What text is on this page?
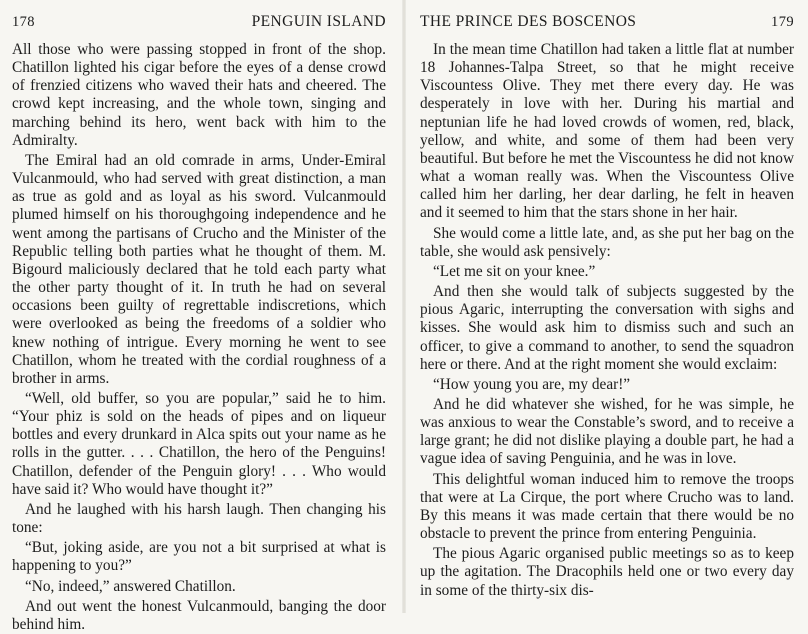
178	PENGUIN ISLAND

All those who were passing stopped in front of the shop. Chatillon lighted his cigar before the eyes of a dense crowd of frenzied citizens who waved their hats and cheered. The crowd kept increasing, and the whole town, singing and marching behind its hero, went back with him to the Admiralty.

The Emiral had an old comrade in arms, Under-Emiral Vulcanmould, who had served with great distinction, a man as true as gold and as loyal as his sword. Vulcanmould plumed himself on his thoroughgoing independence and he went among the partisans of Crucho and the Minister of the Republic telling both parties what he thought of them. M. Bigourd maliciously declared that he told each party what the other party thought of it. In truth he had on several occasions been guilty of regrettable indiscretions, which were overlooked as being the freedoms of a soldier who knew nothing of intrigue. Every morning he went to see Chatillon, whom he treated with the cordial roughness of a brother in arms.

“Well, old buffer, so you are popular,” said he to him. “Your phiz is sold on the heads of pipes and on liqueur bottles and every drunkard in Alca spits out your name as he rolls in the gutter. . . . Chatillon, the hero of the Penguins! Chatillon, defender of the Penguin glory! . . . Who would have said it? Who would have thought it?”

And he laughed with his harsh laugh. Then changing his tone:

“But, joking aside, are you not a bit surprised at what is happening to you?”

“No, indeed,” answered Chatillon.

And out went the honest Vulcanmould, banging the door behind him.

THE PRINCE DES BOSCENOS	179

In the mean time Chatillon had taken a little flat at number 18 Johannes-Talpa Street, so that he might receive Viscountess Olive. They met there every day. He was desperately in love with her. During his martial and neptunian life he had loved crowds of women, red, black, yellow, and white, and some of them had been very beautiful. But before he met the Viscountess he did not know what a woman really was. When the Viscountess Olive called him her darling, her dear darling, he felt in heaven and it seemed to him that the stars shone in her hair.

She would come a little late, and, as she put her bag on the table, she would ask pensively:

“Let me sit on your knee.”

And then she would talk of subjects suggested by the pious Agaric, interrupting the conversation with sighs and kisses. She would ask him to dismiss such and such an officer, to give a command to another, to send the squadron here or there. And at the right moment she would exclaim:

“How young you are, my dear!”

And he did whatever she wished, for he was simple, he was anxious to wear the Constable’s sword, and to receive a large grant; he did not dislike playing a double part, he had a vague idea of saving Penguinia, and he was in love.

This delightful woman induced him to remove the troops that were at La Cirque, the port where Crucho was to land. By this means it was made certain that there would be no obstacle to prevent the prince from entering Penguinia.

The pious Agaric organised public meetings so as to keep up the agitation. The Dracophils held one or two every day in some of the thirty-six dis-
